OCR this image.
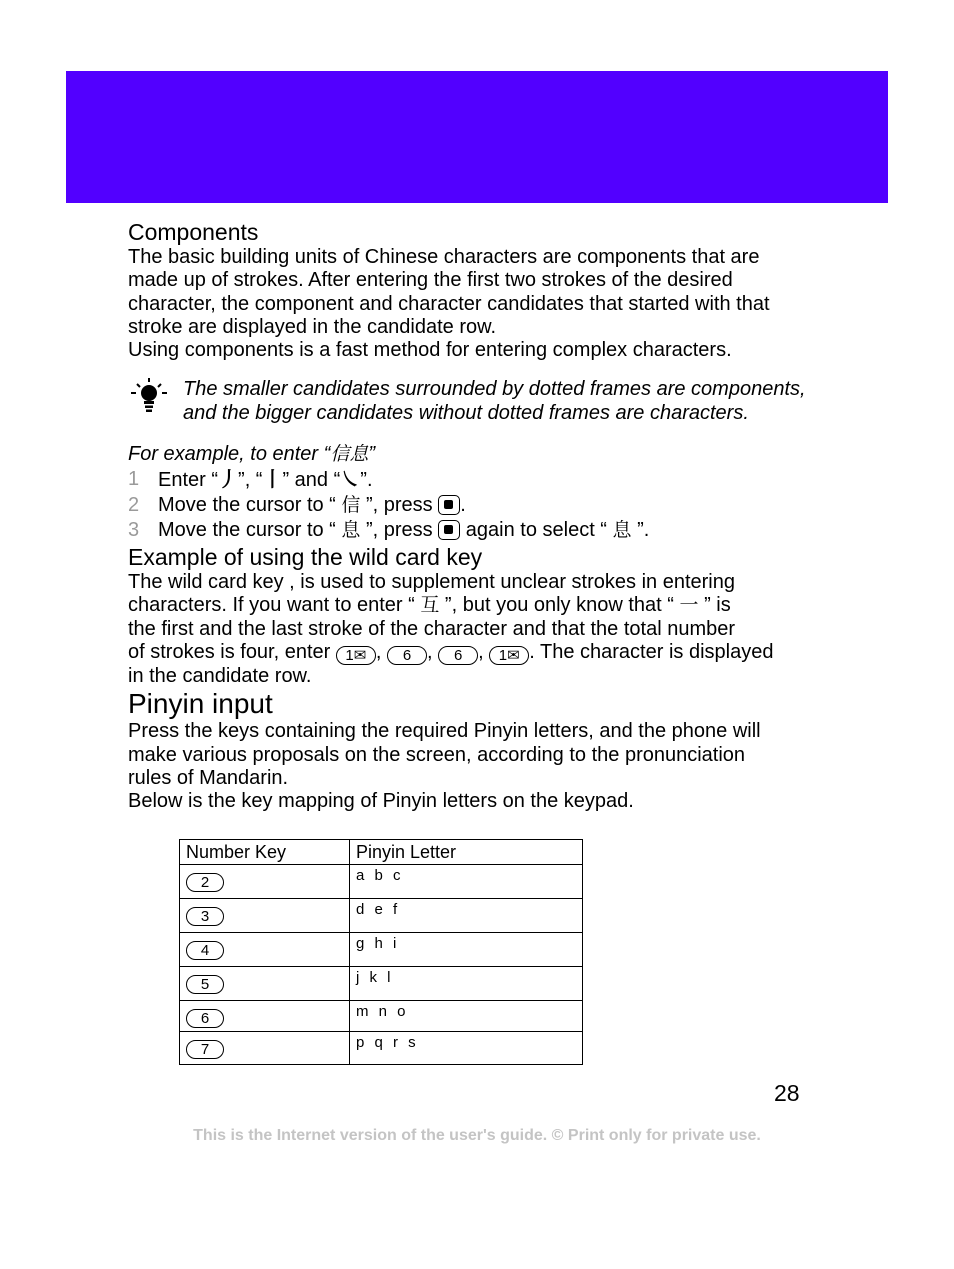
Components

The basic building units of Chinese characters are components that are

made up of strokes. After entering the first two strokes of the desired

character, the component and character candidates that started with that

stroke are displayed in the candidate row.

Using components is a fast method for entering complex characters.

The smaller candidates surrounded by dotted frames are components,

and the bigger candidates without dotted frames are characters.

For example, to enter “信息”

1 Enter “丿”, “丨” and “㇏”.
2 Move the cursor to “ 信 ”, press .
3 Move the cursor to “ 息 ”, press  again to select “ 息 ”.
Example of using the wild card key

The wild card key , is used to supplement unclear strokes in entering

characters. If you want to enter “ 互 ”, but you only know that “ 一 ” is

the first and the last stroke of the character and that the total number

of strokes is four, enter 1✉ , 6 , 6 , 1✉ . The character is displayed

in the candidate row.

Pinyin input

Press the keys containing the required Pinyin letters, and the phone will

make various proposals on the screen, according to the pronunciation

rules of Mandarin.

Below is the key mapping of Pinyin letters on the keypad.

Number Key	Pinyin Letter
2	a b c
3	d e f
4	g h i
5	j k l
6	m n o
7	p q r s
28
This is the Internet version of the user's guide. © Print only for private use.
